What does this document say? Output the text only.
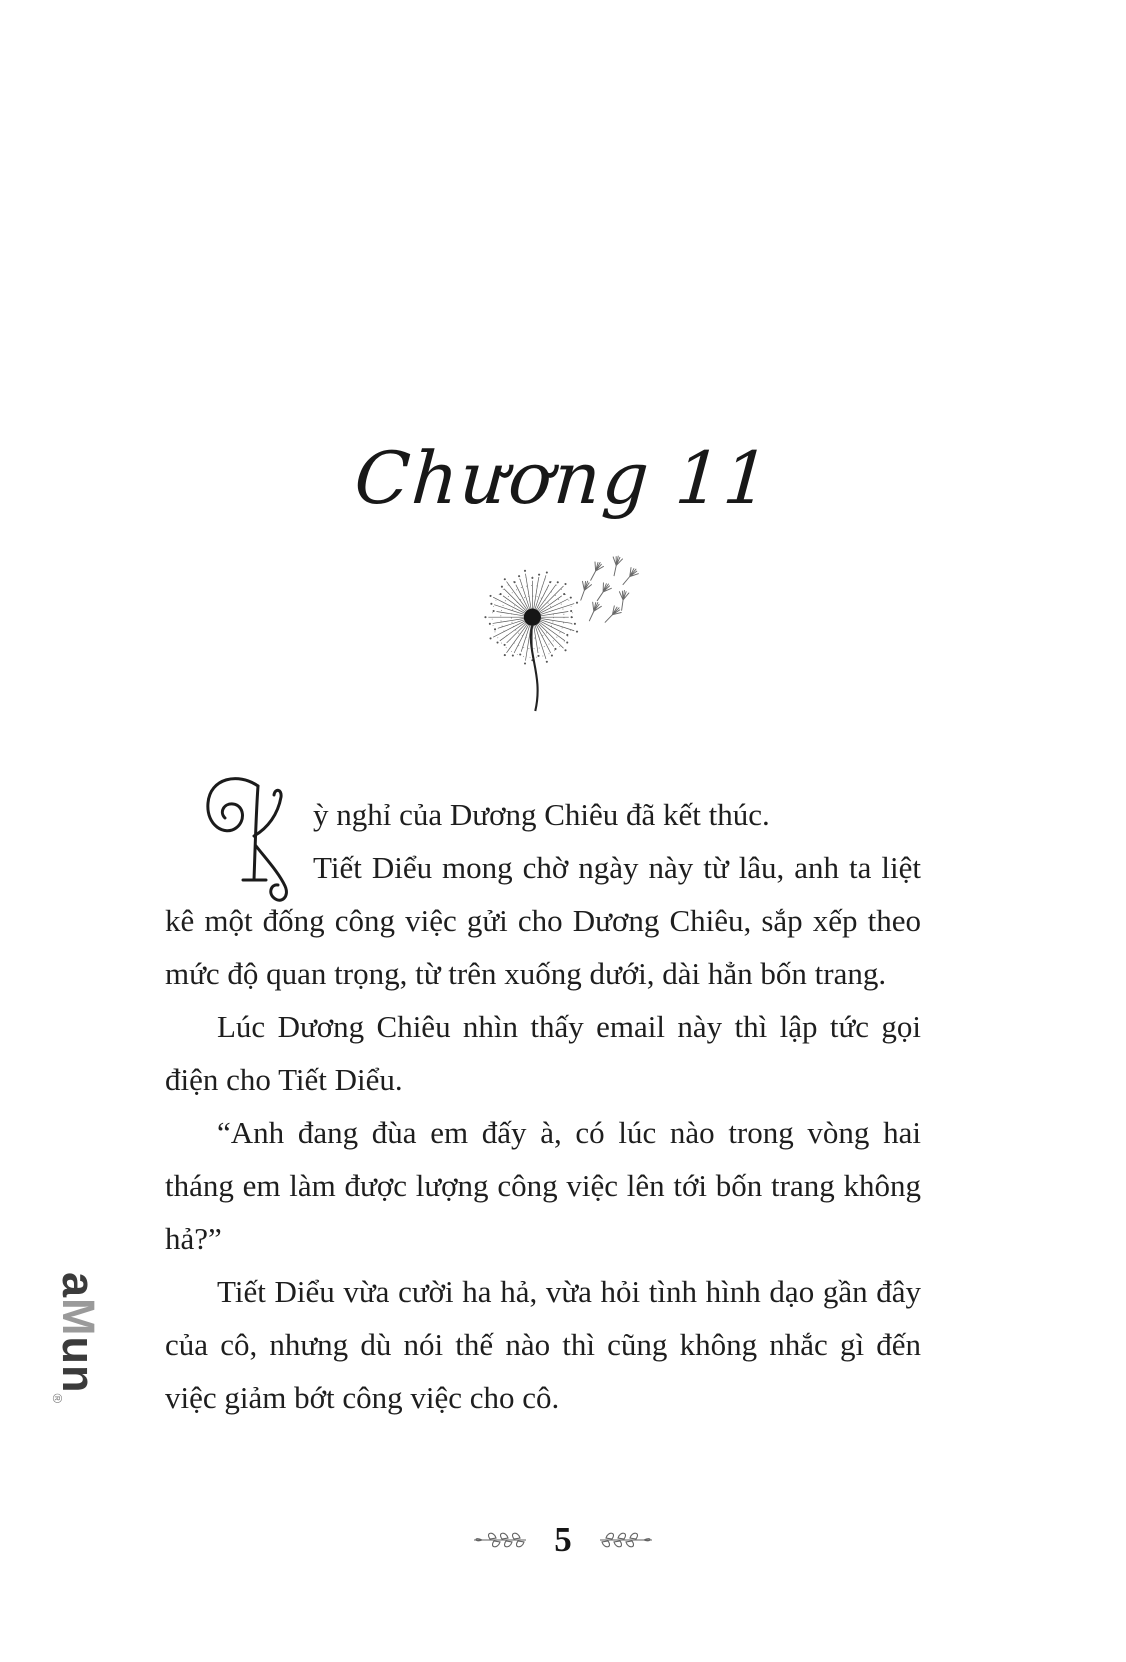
aMun$_®$
Chương 11

ỳ nghỉ của Dương Chiêu đã kết thúc.

Tiết Diểu mong chờ ngày này từ lâu, anh ta liệt kê một đống công việc gửi cho Dương Chiêu, sắp xếp theo mức độ quan trọng, từ trên xuống dưới, dài hẳn bốn trang.

Lúc Dương Chiêu nhìn thấy email này thì lập tức gọi điện cho Tiết Diểu.

“Anh đang đùa em đấy à, có lúc nào trong vòng hai tháng em làm được lượng công việc lên tới bốn trang không hả?”

Tiết Diểu vừa cười ha hả, vừa hỏi tình hình dạo gần đây của cô, nhưng dù nói thế nào thì cũng không nhắc gì đến việc giảm bớt công việc cho cô.

5
